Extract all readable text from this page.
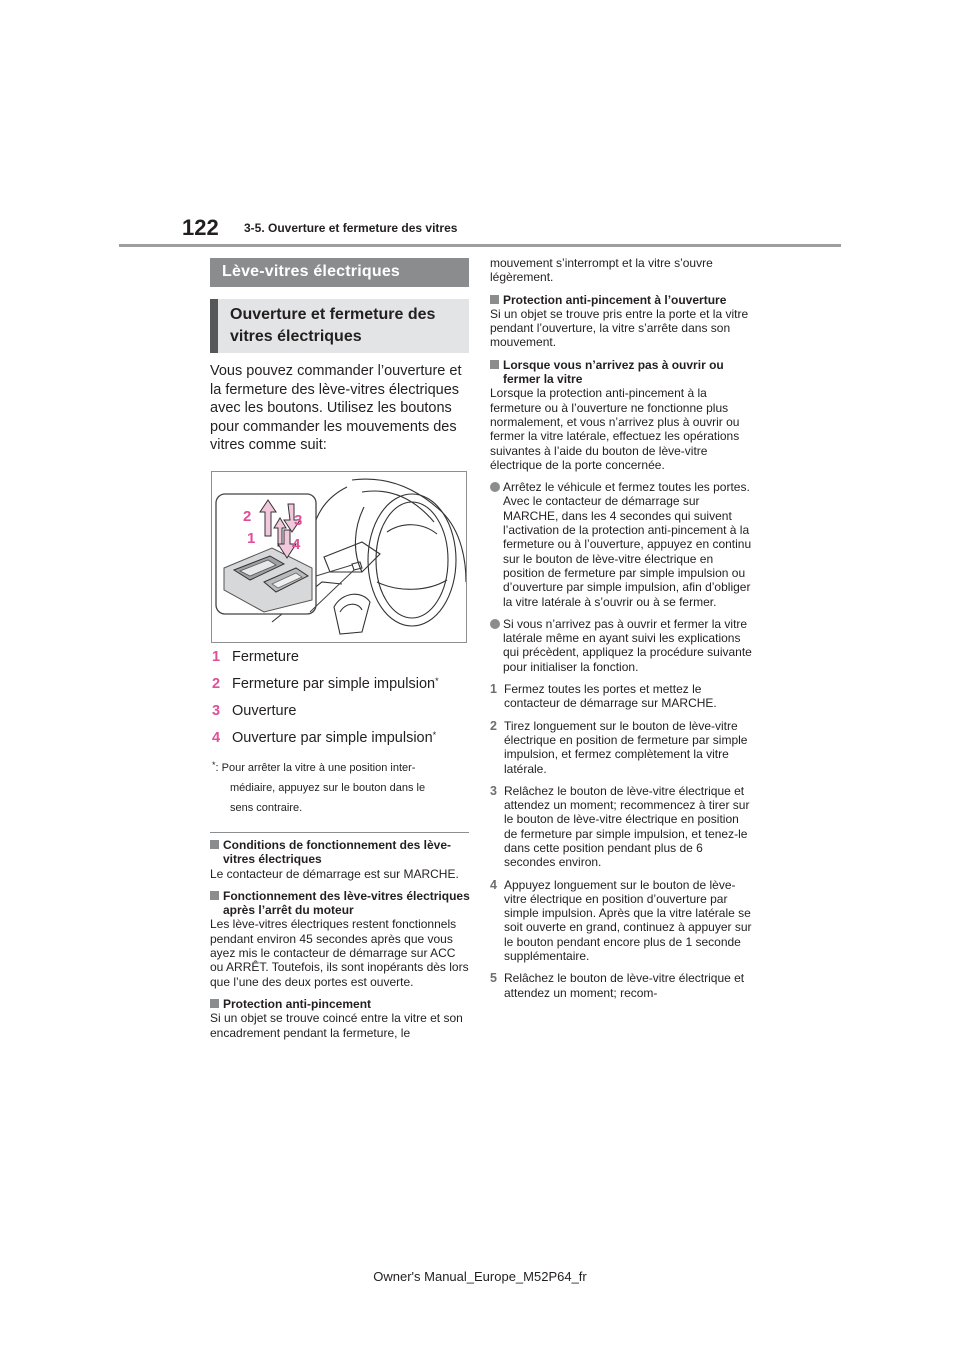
122 3-5. Ouverture et fermeture des vitres
Lève-vitres électriques
Ouverture et fermeture des vitres électriques
Vous pouvez commander l’ouverture et la fermeture des lève-vitres électriques avec les boutons. Utilisez les boutons pour commander les mouvements des vitres comme suit:
2	3
1 4
1 Fermeture
2 Fermeture par simple impulsion*
3 Ouverture
4 Ouverture par simple impulsion*
*: Pour arrêter la vitre à une position inter-
médiaire, appuyez sur le bouton dans le
sens contraire.
Conditions de fonctionnement des lève-vitres électriques
Le contacteur de démarrage est sur MARCHE.
Fonctionnement des lève-vitres électriques après l’arrêt du moteur
Les lève-vitres électriques restent fonctionnels pendant environ 45 secondes après que vous ayez mis le contacteur de démarrage sur ACC ou ARRÊT. Toutefois, ils sont inopérants dès lors que l’une des deux portes est ouverte.
Protection anti-pincement
Si un objet se trouve coincé entre la vitre et son encadrement pendant la fermeture, le
mouvement s’interrompt et la vitre s’ouvre légèrement.
Protection anti-pincement à l’ouverture
Si un objet se trouve pris entre la porte et la vitre pendant l’ouverture, la vitre s’arrête dans son mouvement.
Lorsque vous n’arrivez pas à ouvrir ou fermer la vitre
Lorsque la protection anti-pincement à la fermeture ou à l’ouverture ne fonctionne plus normalement, et vous n’arrivez plus à ouvrir ou fermer la vitre latérale, effectuez les opérations suivantes à l’aide du bouton de lève-vitre électrique de la porte concernée.
Arrêtez le véhicule et fermez toutes les portes. Avec le contacteur de démarrage sur MARCHE, dans les 4 secondes qui suivent l’activation de la protection anti-pincement à la fermeture ou à l’ouverture, appuyez en continu sur le bouton de lève-vitre électrique en position de fermeture par simple impulsion ou d’ouverture par simple impulsion, afin d’obliger la vitre latérale à s’ouvrir ou à se fermer.
Si vous n’arrivez pas à ouvrir et fermer la vitre latérale même en ayant suivi les explications qui précèdent, appliquez la procédure suivante pour initialiser la fonction.
1 Fermez toutes les portes et mettez le contacteur de démarrage sur MARCHE.
2 Tirez longuement sur le bouton de lève-vitre électrique en position de fermeture par simple impulsion, et fermez complètement la vitre latérale.
3 Relâchez le bouton de lève-vitre électrique et attendez un moment; recommencez à tirer sur le bouton de lève-vitre électrique en position de fermeture par simple impulsion, et tenez-le dans cette position pendant plus de 6 secondes environ.
4 Appuyez longuement sur le bouton de lève-vitre électrique en position d’ouverture par simple impulsion. Après que la vitre latérale se soit ouverte en grand, continuez à appuyer sur le bouton pendant encore plus de 1 seconde supplémentaire.
5 Relâchez le bouton de lève-vitre électrique et attendez un moment; recom-
Owner's Manual_Europe_M52P64_fr
